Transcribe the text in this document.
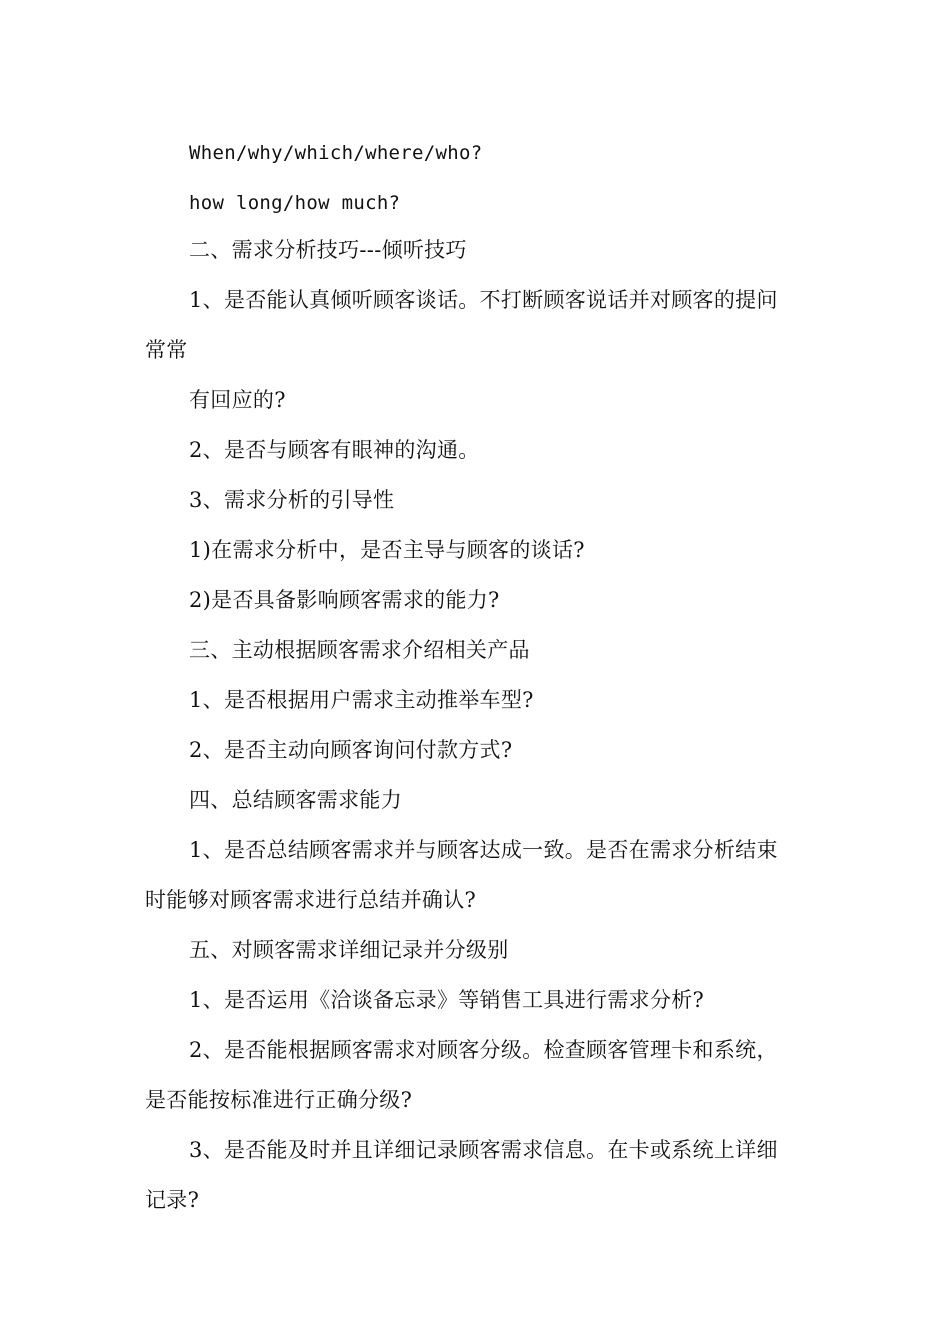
When/why/which/where/who?
how long/how much?
二、需求分析技巧---倾听技巧
1、是否能认真倾听顾客谈话。不打断顾客说话并对顾客的提问
常常
有回应的?
2、是否与顾客有眼神的沟通。
3、需求分析的引导性
1)在需求分析中，是否主导与顾客的谈话?
2)是否具备影响顾客需求的能力?
三、主动根据顾客需求介绍相关产品
1、是否根据用户需求主动推举车型?
2、是否主动向顾客询问付款方式?
四、总结顾客需求能力
1、是否总结顾客需求并与顾客达成一致。是否在需求分析结束
时能够对顾客需求进行总结并确认?
五、对顾客需求详细记录并分级别
1、是否运用《洽谈备忘录》等销售工具进行需求分析?
2、是否能根据顾客需求对顾客分级。检查顾客管理卡和系统，
是否能按标准进行正确分级?
3、是否能及时并且详细记录顾客需求信息。在卡或系统上详细
记录?
